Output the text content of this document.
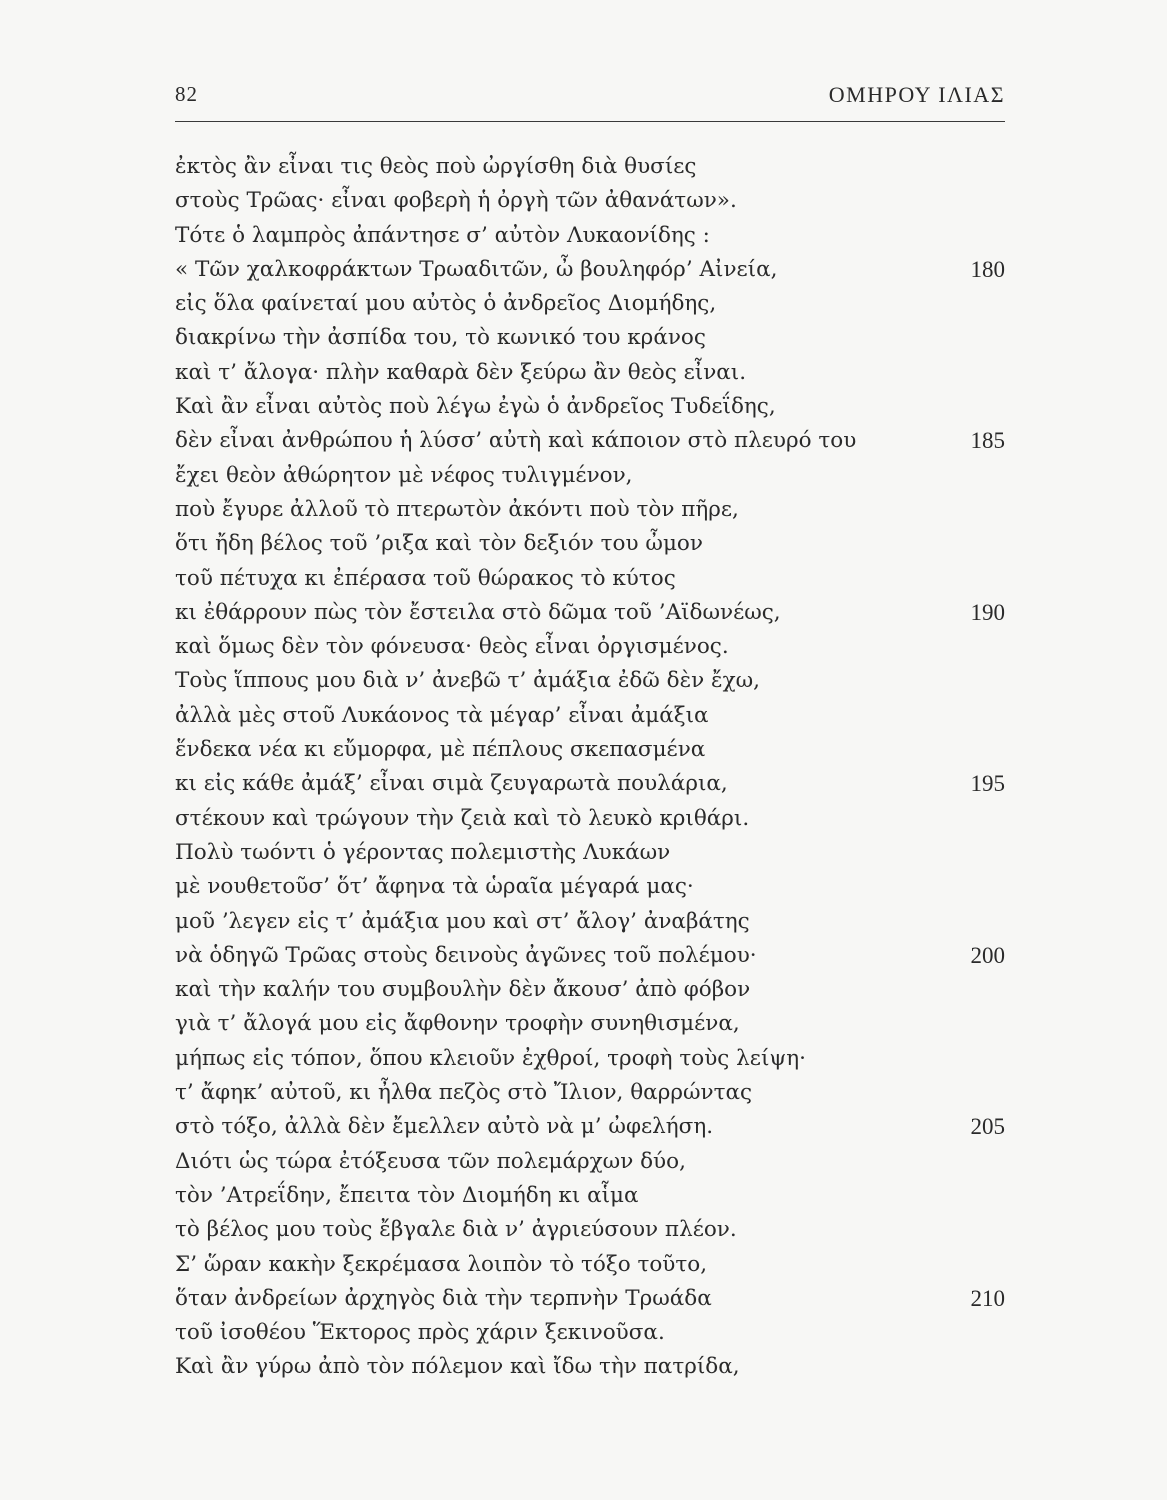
82	ΟΜΗΡΟΥ ΙΛΙΑΣ
ἐκτὸς ἂν εἶναι τις θεὸς ποὺ ὠργίσθη διὰ θυσίες
στοὺς Τρῶας· εἶναι φοβερὴ ἡ ὀργὴ τῶν ἀθανάτων».
Τότε ὁ λαμπρὸς ἀπάντησε σ’ αὐτὸν Λυκαονίδης :
« Τῶν χαλκοφράκτων Τρωαδιτῶν, ὦ βουληφόρ’ Αἰνεία,	180
εἰς ὅλα φαίνεταί μου αὐτὸς ὁ ἀνδρεῖος Διομήδης,
διακρίνω τὴν ἀσπίδα του, τὸ κωνικό του κράνος
καὶ τ’ ἄλογα· πλὴν καθαρὰ δὲν ξεύρω ἂν θεὸς εἶναι.
Καὶ ἂν εἶναι αὐτὸς ποὺ λέγω ἐγὼ ὁ ἀνδρεῖος Τυδεΐδης,
δὲν εἶναι ἀνθρώπου ἡ λύσσ’ αὐτὴ καὶ κάποιον στὸ πλευρό του	185
ἔχει θεὸν ἀθώρητον μὲ νέφος τυλιγμένον,
ποὺ ἔγυρε ἀλλοῦ τὸ πτερωτὸν ἀκόντι ποὺ τὸν πῆρε,
ὅτι ἤδη βέλος τοῦ ’ριξα καὶ τὸν δεξιόν του ὦμον
τοῦ πέτυχα κι ἐπέρασα τοῦ θώρακος τὸ κύτος
κι ἐθάρρουν πὼς τὸν ἔστειλα στὸ δῶμα τοῦ ’Αϊδωνέως,	190
καὶ ὅμως δὲν τὸν φόνευσα· θεὸς εἶναι ὀργισμένος.
Τοὺς ἵππους μου διὰ ν’ ἀνεβῶ τ’ ἀμάξια ἐδῶ δὲν ἔχω,
ἀλλὰ μὲς στοῦ Λυκάονος τὰ μέγαρ’ εἶναι ἀμάξια
ἕνδεκα νέα κι εὔμορφα, μὲ πέπλους σκεπασμένα
κι εἰς κάθε ἀμάξ’ εἶναι σιμὰ ζευγαρωτὰ πουλάρια,	195
στέκουν καὶ τρώγουν τὴν ζειὰ καὶ τὸ λευκὸ κριθάρι.
Πολὺ τωόντι ὁ γέροντας πολεμιστὴς Λυκάων
μὲ νουθετοῦσ’ ὅτ’ ἄφηνα τὰ ὡραῖα μέγαρά μας·
μοῦ ’λεγεν εἰς τ’ ἀμάξια μου καὶ στ’ ἄλογ’ ἀναβάτης
νὰ ὁδηγῶ Τρῶας στοὺς δεινοὺς ἀγῶνες τοῦ πολέμου·	200
καὶ τὴν καλήν του συμβουλὴν δὲν ἄκουσ’ ἀπὸ φόβον
γιὰ τ’ ἄλογά μου εἰς ἄφθονην τροφὴν συνηθισμένα,
μήπως εἰς τόπον, ὅπου κλειοῦν ἐχθροί, τροφὴ τοὺς λείψη·
τ’ ἄφηκ’ αὐτοῦ, κι ἦλθα πεζὸς στὸ Ἴλιον, θαρρώντας
στὸ τόξο, ἀλλὰ δὲν ἔμελλεν αὐτὸ νὰ μ’ ὠφελήση.	205
Διότι ὡς τώρα ἐτόξευσα τῶν πολεμάρχων δύο,
τὸν ’Ατρεΐδην, ἔπειτα τὸν Διομήδη κι αἷμα
τὸ βέλος μου τοὺς ἔβγαλε διὰ ν’ ἀγριεύσουν πλέον.
Σ’ ὥραν κακὴν ξεκρέμασα λοιπὸν τὸ τόξο τοῦτο,
ὅταν ἀνδρείων ἀρχηγὸς διὰ τὴν τερπνὴν Τρωάδα	210
τοῦ ἰσοθέου Ἕκτορος πρὸς χάριν ξεκινοῦσα.
Καὶ ἂν γύρω ἀπὸ τὸν πόλεμον καὶ ἴδω τὴν πατρίδα,
